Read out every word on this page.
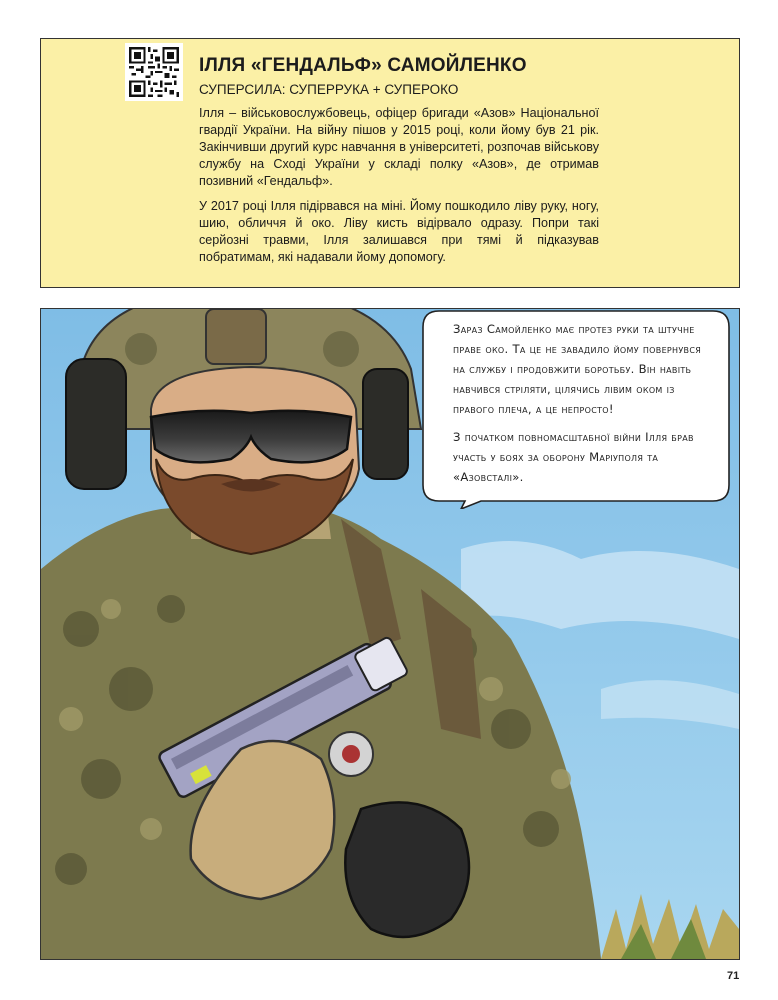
ІЛЛЯ «ГЕНДАЛЬФ» САМОЙЛЕНКО
СУПЕРСИЛА: СУПЕРРУКА + СУПЕРОКО

Ілля – військовослужбовець, офіцер бригади «Азов» Національної гвардії України. На війну пішов у 2015 році, коли йому був 21 рік. Закінчивши другий курс навчання в університеті, розпочав військову службу на Сході України у складі полку «Азов», де отримав позивний «Гендальф».

У 2017 році Ілля підірвався на міні. Йому пошкодило ліву руку, ногу, шию, обличчя й око. Ліву кисть відірвало одразу. Попри такі серйозні травми, Ілля залишався при тямі й підказував побратимам, які надавали йому допомогу.

Зараз Самойленко має протез руки та штучне праве око. Та це не завадило йому повернувся на службу і продовжити боротьбу. Він навіть навчився стріляти, цілячись лівим оком із правого плеча, а це непросто!

З початком повномасштабної війни Ілля брав участь у боях за оборону Маріуполя та «Азовсталі».

71
